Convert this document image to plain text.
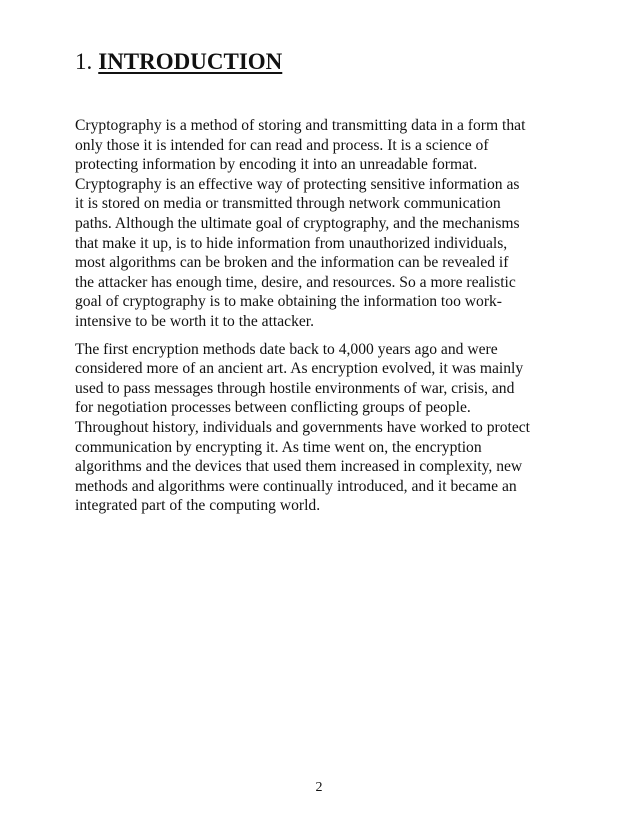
1. INTRODUCTION

Cryptography is a method of storing and transmitting data in a form that
only those it is intended for can read and process. It is a science of
protecting information by encoding it into an unreadable format.
Cryptography is an effective way of protecting sensitive information as
it is stored on media or transmitted through network communication
paths. Although the ultimate goal of cryptography, and the mechanisms
that make it up, is to hide information from unauthorized individuals,
most algorithms can be broken and the information can be revealed if
the attacker has enough time, desire, and resources. So a more realistic
goal of cryptography is to make obtaining the information too work-
intensive to be worth it to the attacker.

The first encryption methods date back to 4,000 years ago and were
considered more of an ancient art. As encryption evolved, it was mainly
used to pass messages through hostile environments of war, crisis, and
for negotiation processes between conflicting groups of people.
Throughout history, individuals and governments have worked to protect
communication by encrypting it. As time went on, the encryption
algorithms and the devices that used them increased in complexity, new
methods and algorithms were continually introduced, and it became an
integrated part of the computing world.

2
